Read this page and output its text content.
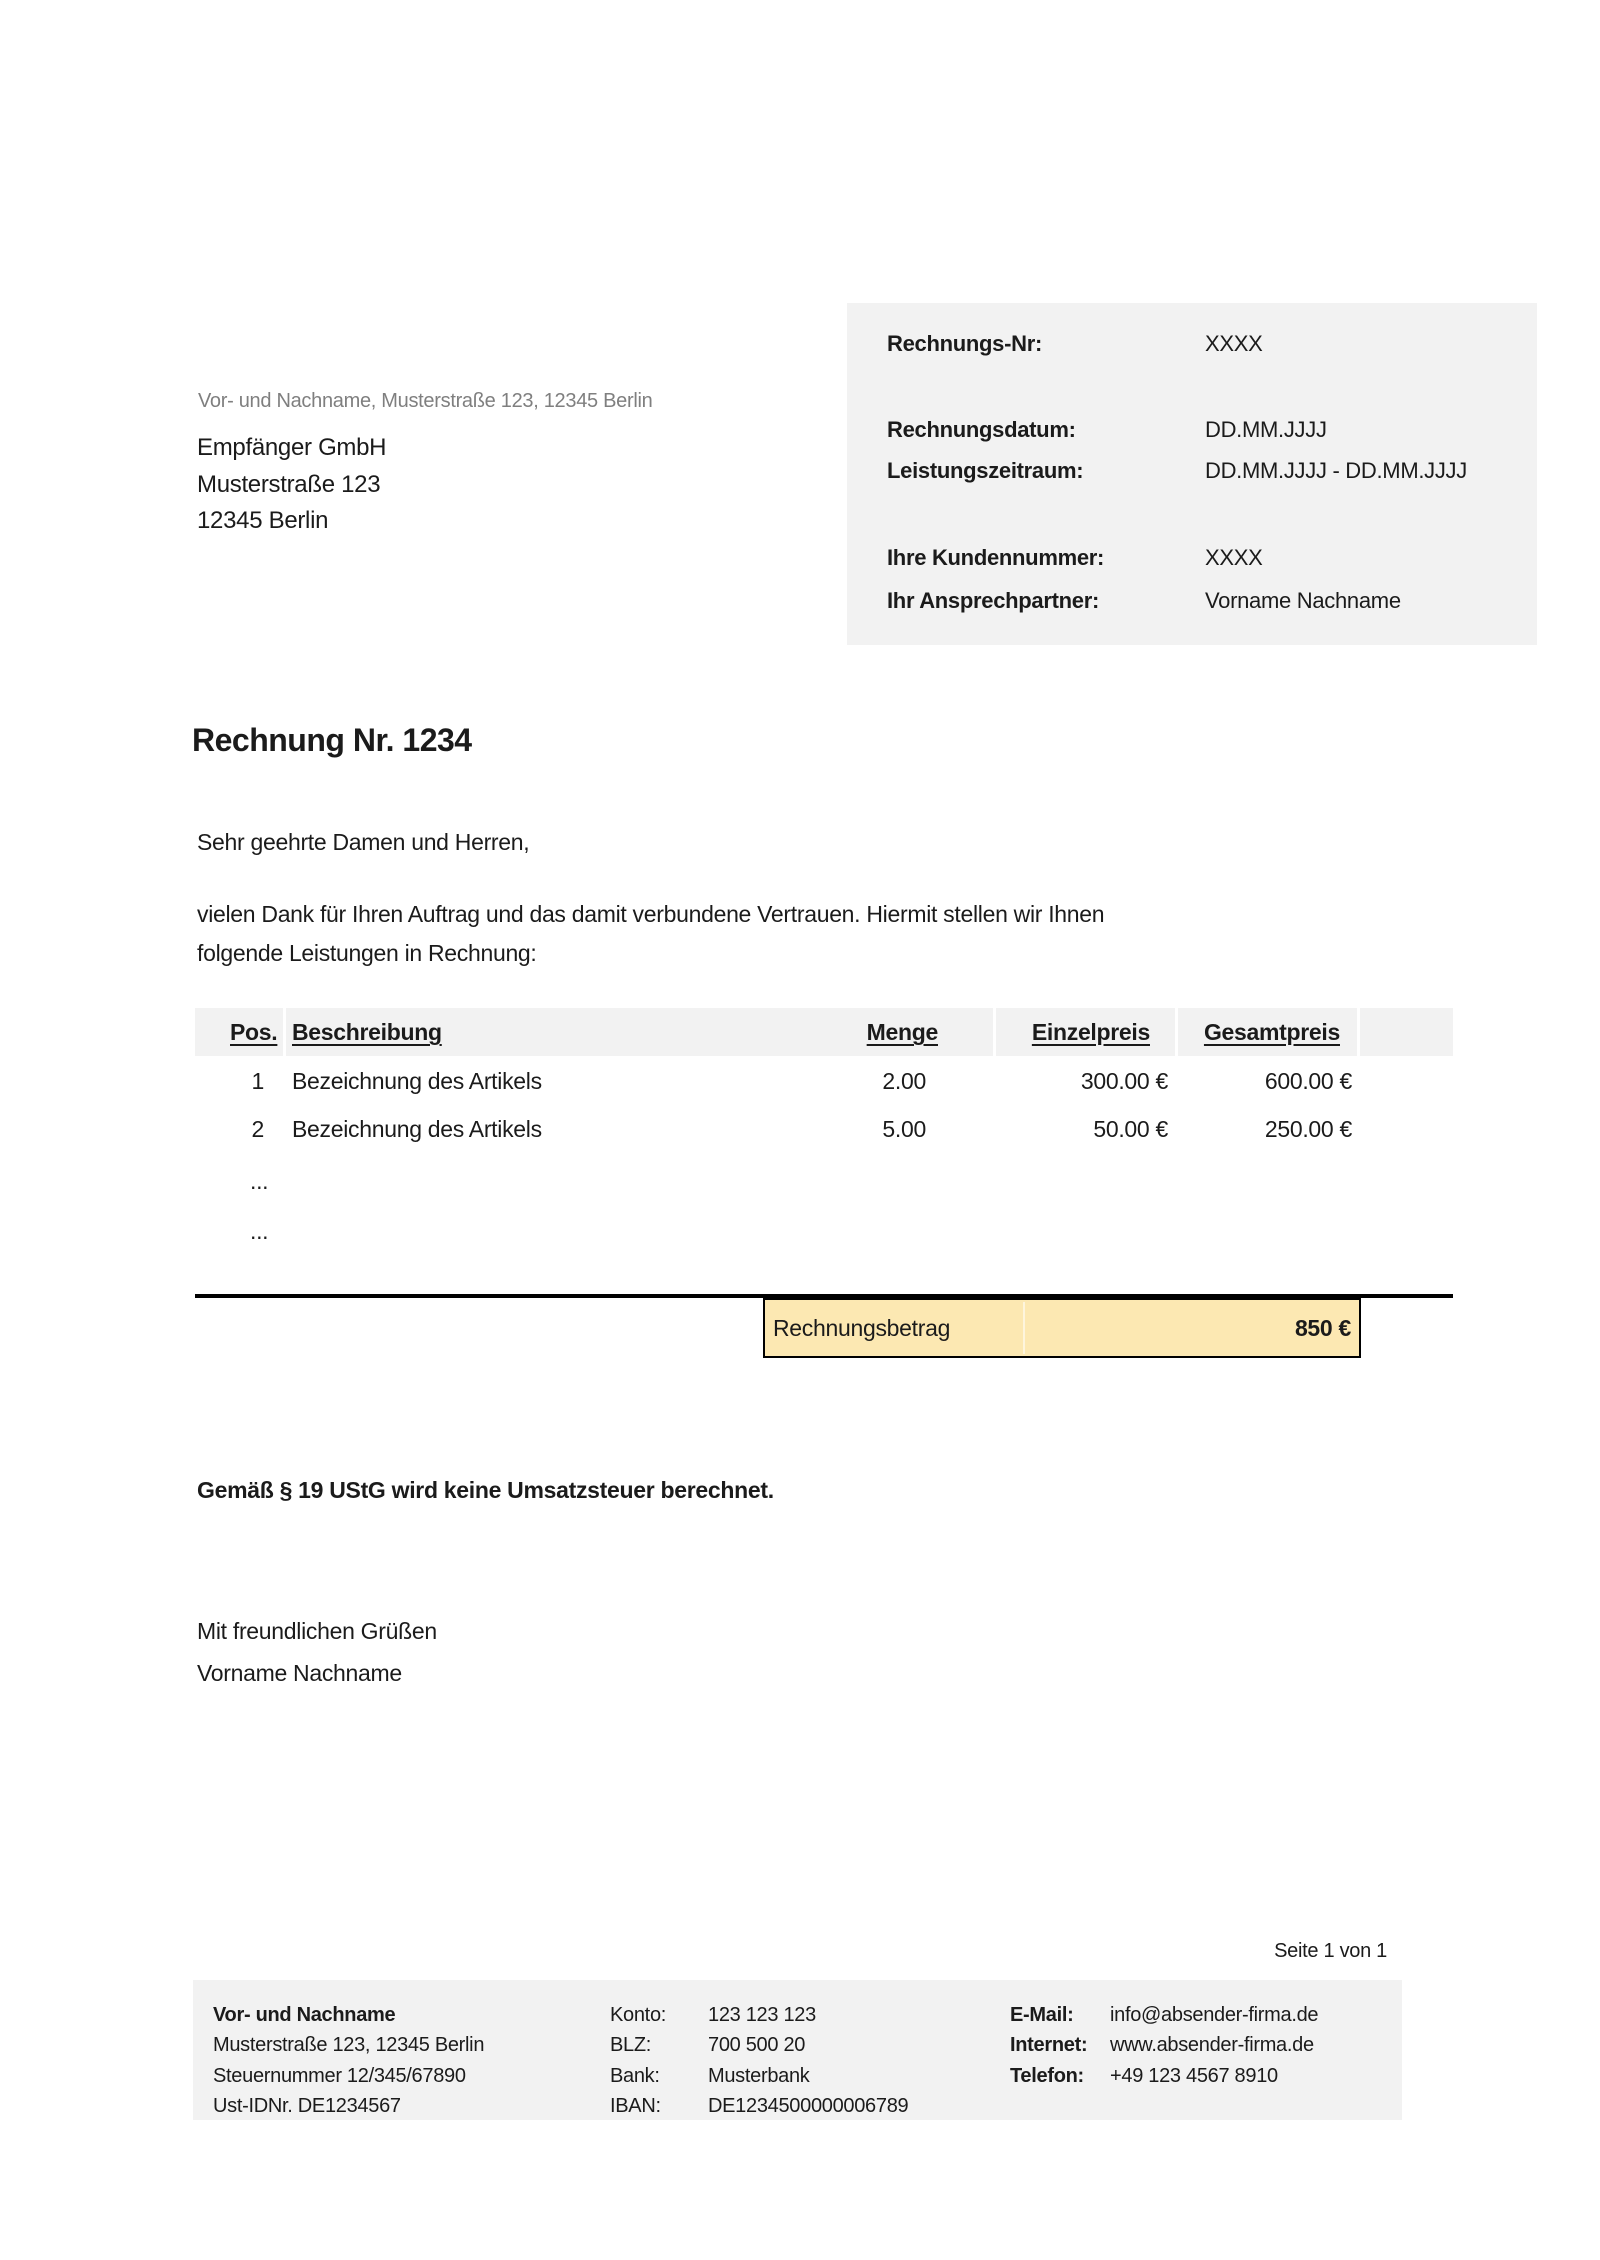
Rechnungs-Nr:	XXXX
Rechnungsdatum:	DD.MM.JJJJ
Leistungszeitraum:	DD.MM.JJJJ - DD.MM.JJJJ
Ihre Kundennummer:	XXXX
Ihr Ansprechpartner:	Vorname Nachname
Vor- und Nachname, Musterstraße 123, 12345 Berlin
Empfänger GmbH
Musterstraße 123
12345 Berlin
Rechnung Nr. 1234
Sehr geehrte Damen und Herren,
vielen Dank für Ihren Auftrag und das damit verbundene Vertrauen. Hiermit stellen wir Ihnen
folgende Leistungen in Rechnung:
Pos. Beschreibung	Menge	Einzelpreis	Gesamtpreis
1 Bezeichnung des Artikels	2.00	300.00 €	600.00 €
2 Bezeichnung des Artikels	5.00	50.00 €	250.00 €
...
...
Rechnungsbetrag	850 €
Gemäß § 19 UStG wird keine Umsatzsteuer berechnet.
Mit freundlichen Grüßen
Vorname Nachname
Seite 1 von 1
Vor- und Nachname
Musterstraße 123, 12345 Berlin
Steuernummer 12/345/67890
Ust-IDNr. DE1234567
Konto:	123 123 123
BLZ:	700 500 20
Bank:	Musterbank
IBAN:	DE1234500000006789
E-Mail:	info@absender-firma.de
Internet:	www.absender-firma.de
Telefon:	+49 123 4567 8910
